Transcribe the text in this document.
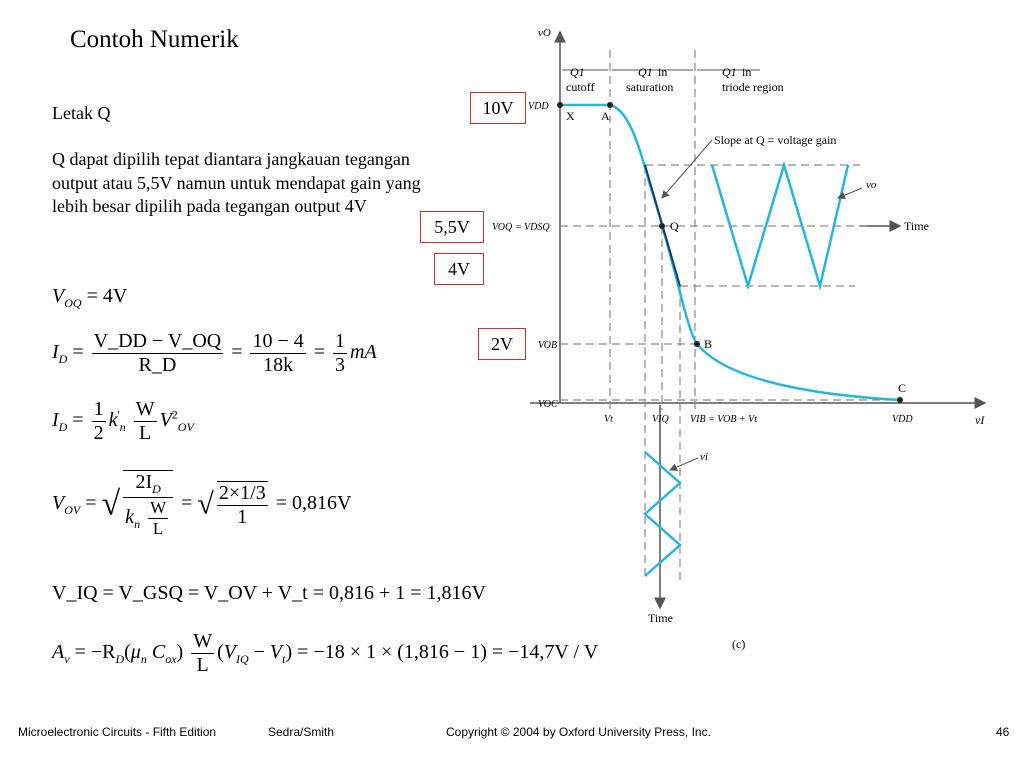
Contoh Numerik
Letak Q
Q dapat dipilih tepat diantara jangkauan tegangan output atau 5,5V namun untuk mendapat gain yang lebih besar dipilih pada tegangan output 4V
$V_{OQ} = 4V$
$I_D = \frac{V\_DD - V\_OQ}{R\_D} = \frac{10 - 4}{18k} = \frac{1}{3}$ mA
$I_D = \frac{1}{2} k'_n \frac{W}{L} V^2_{OV}$
$V_{OV}$ = √ $\frac{2I_D}{k_n \frac{W}{L}}$ = √ $\frac{2\times 1/3}{1} = 0,816V$
V_IQ = V_GSQ = V_OV + V_t = 0,816 + 1 = 1,816V
$A_v = -R_D(\mu_n$ $C_{ox}) \frac{W}{L} (V_{IQ} - V_t) = -18 \times 1 \times (1,816 - 1) = -14,7V / V$
vO
vI
Q1
cutoff
Q1 in
saturation
Q1 in
triode region
VDD
VOQ = VDSQ
VOB
VOC
Vt	VIQ VIB = VOB + Vt	VDD
X A
Q
B
C
Slope at Q = voltage gain
Time
Time
vo
vi
(c)
10V
5,5V
4V
2V
Microelectronic Circuits - Fifth Edition	Sedra/Smith	Copyright © 2004 by Oxford University Press, Inc.	46
